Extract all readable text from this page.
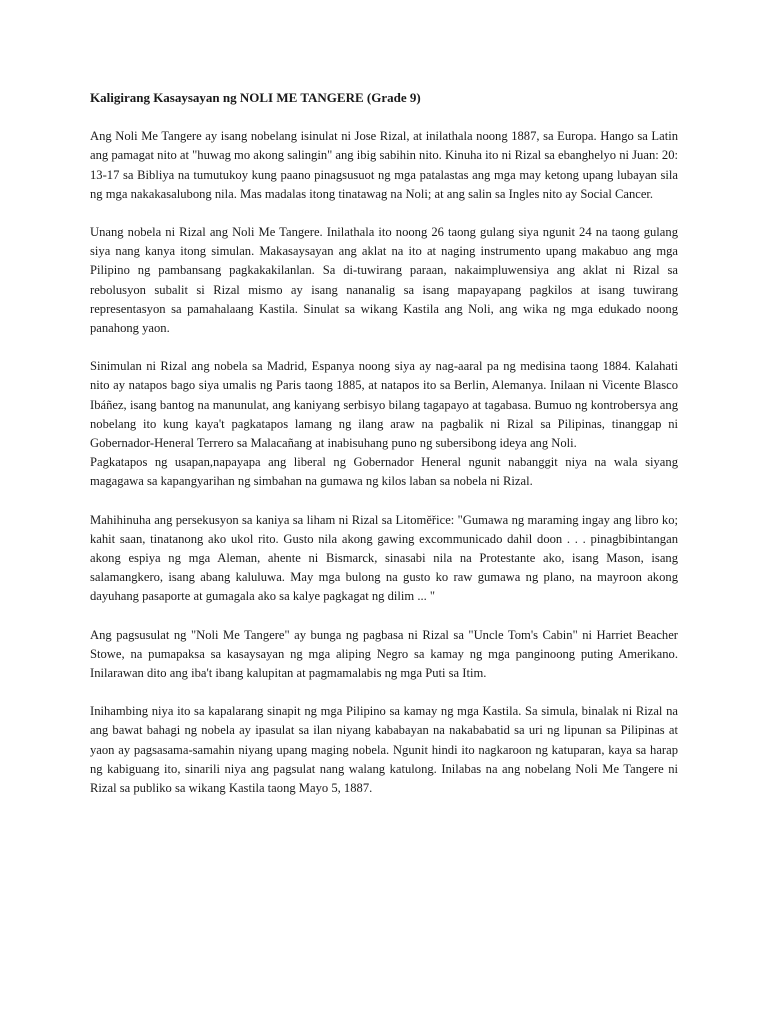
Kaligirang Kasaysayan ng NOLI ME TANGERE (Grade 9)

Ang Noli Me Tangere ay isang nobelang isinulat ni Jose Rizal, at inilathala noong 1887, sa Europa. Hango sa Latin ang pamagat nito at "huwag mo akong salingin" ang ibig sabihin nito. Kinuha ito ni Rizal sa ebanghelyo ni Juan: 20: 13-17 sa Bibliya na tumutukoy kung paano pinagsusuot ng mga patalastas ang mga may ketong upang lubayan sila ng mga nakakasalubong nila. Mas madalas itong tinatawag na Noli; at ang salin sa Ingles nito ay Social Cancer.

Unang nobela ni Rizal ang Noli Me Tangere. Inilathala ito noong 26 taong gulang siya ngunit 24 na taong gulang siya nang kanya itong simulan. Makasaysayan ang aklat na ito at naging instrumento upang makabuo ang mga Pilipino ng pambansang pagkakakilanlan. Sa di-tuwirang paraan, nakaimpluwensiya ang aklat ni Rizal sa rebolusyon subalit si Rizal mismo ay isang nananalig sa isang mapayapang pagkilos at isang tuwirang representasyon sa pamahalaang Kastila. Sinulat sa wikang Kastila ang Noli, ang wika ng mga edukado noong panahong yaon.

Sinimulan ni Rizal ang nobela sa Madrid, Espanya noong siya ay nag-aaral pa ng medisina taong 1884. Kalahati nito ay natapos bago siya umalis ng Paris taong 1885, at natapos ito sa Berlin, Alemanya. Inilaan ni Vicente Blasco Ibáñez, isang bantog na manunulat, ang kaniyang serbisyo bilang tagapayo at tagabasa. Bumuo ng kontrobersya ang nobelang ito kung kaya't pagkatapos lamang ng ilang araw na pagbalik ni Rizal sa Pilipinas, tinanggap ni Gobernador-Heneral Terrero sa Malacañang at inabisuhang puno ng subersibong ideya ang Noli.

Pagkatapos ng usapan,napayapa ang liberal ng Gobernador Heneral ngunit nabanggit niya na wala siyang magagawa sa kapangyarihan ng simbahan na gumawa ng kilos laban sa nobela ni Rizal.

Mahihinuha ang persekusyon sa kaniya sa liham ni Rizal sa Litoměřice: "Gumawa ng maraming ingay ang libro ko; kahit saan, tinatanong ako ukol rito. Gusto nila akong gawing excommunicado dahil doon . . . pinagbibintangan akong espiya ng mga Aleman, ahente ni Bismarck, sinasabi nila na Protestante ako, isang Mason, isang salamangkero, isang abang kaluluwa. May mga bulong na gusto ko raw gumawa ng plano, na mayroon akong dayuhang pasaporte at gumagala ako sa kalye pagkagat ng dilim ... "

Ang pagsusulat ng "Noli Me Tangere" ay bunga ng pagbasa ni Rizal sa "Uncle Tom's Cabin" ni Harriet Beacher Stowe, na pumapaksa sa kasaysayan ng mga aliping Negro sa kamay ng mga panginoong puting Amerikano. Inilarawan dito ang iba't ibang kalupitan at pagmamalabis ng mga Puti sa Itim.

Inihambing niya ito sa kapalarang sinapit ng mga Pilipino sa kamay ng mga Kastila. Sa simula, binalak ni Rizal na ang bawat bahagi ng nobela ay ipasulat sa ilan niyang kababayan na nakababatid sa uri ng lipunan sa Pilipinas at yaon ay pagsasama-samahin niyang upang maging nobela. Ngunit hindi ito nagkaroon ng katuparan, kaya sa harap ng kabiguang ito, sinarili niya ang pagsulat nang walang katulong. Inilabas na ang nobelang Noli Me Tangere ni Rizal sa publiko sa wikang Kastila taong Mayo 5, 1887.
